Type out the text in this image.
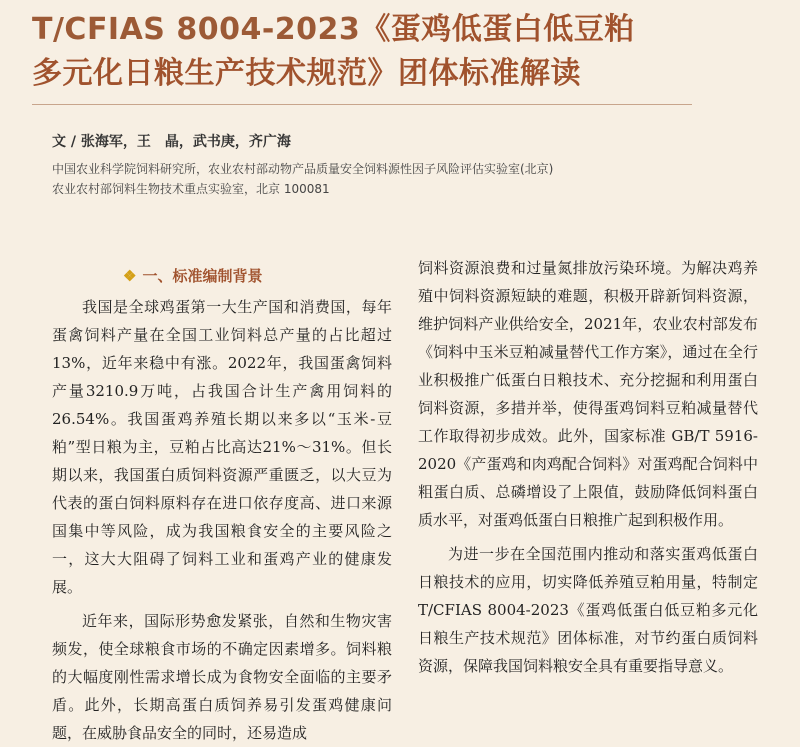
T/CFIAS 8004-2023《蛋鸡低蛋白低豆粕
多元化日粮生产技术规范》团体标准解读
文 / 张海军，王　晶，武书庚，齐广海
中国农业科学院饲料研究所，农业农村部动物产品质量安全饲料源性因子风险评估实验室(北京)
农业农村部饲料生物技术重点实验室，北京 100081
❖ 一、标准编制背景

我国是全球鸡蛋第一大生产国和消费国，每年蛋禽饲料产量在全国工业饲料总产量的占比超过13%，近年来稳中有涨。2022年，我国蛋禽饲料产量3210.9万吨，占我国合计生产禽用饲料的26.54%。我国蛋鸡养殖长期以来多以“玉米-豆粕”型日粮为主，豆粕占比高达21%～31%。但长期以来，我国蛋白质饲料资源严重匮乏，以大豆为代表的蛋白饲料原料存在进口依存度高、进口来源国集中等风险，成为我国粮食安全的主要风险之一，这大大阻碍了饲料工业和蛋鸡产业的健康发展。

近年来，国际形势愈发紧张，自然和生物灾害频发，使全球粮食市场的不确定因素增多。饲料粮的大幅度刚性需求增长成为食物安全面临的主要矛盾。此外，长期高蛋白质饲养易引发蛋鸡健康问题，在威胁食品安全的同时，还易造成

饲料资源浪费和过量氮排放污染环境。为解决鸡养殖中饲料资源短缺的难题，积极开辟新饲料资源，维护饲料产业供给安全，2021年，农业农村部发布《饲料中玉米豆粕减量替代工作方案》，通过在全行业积极推广低蛋白日粮技术、充分挖掘和利用蛋白饲料资源，多措并举，使得蛋鸡饲料豆粕减量替代工作取得初步成效。此外，国家标准 GB/T 5916-2020《产蛋鸡和肉鸡配合饲料》对蛋鸡配合饲料中粗蛋白质、总磷增设了上限值，鼓励降低饲料蛋白质水平，对蛋鸡低蛋白日粮推广起到积极作用。

为进一步在全国范围内推动和落实蛋鸡低蛋白日粮技术的应用，切实降低养殖豆粕用量，特制定 T/CFIAS 8004-2023《蛋鸡低蛋白低豆粕多元化日粮生产技术规范》团体标准，对节约蛋白质饲料资源，保障我国饲料粮安全具有重要指导意义。
